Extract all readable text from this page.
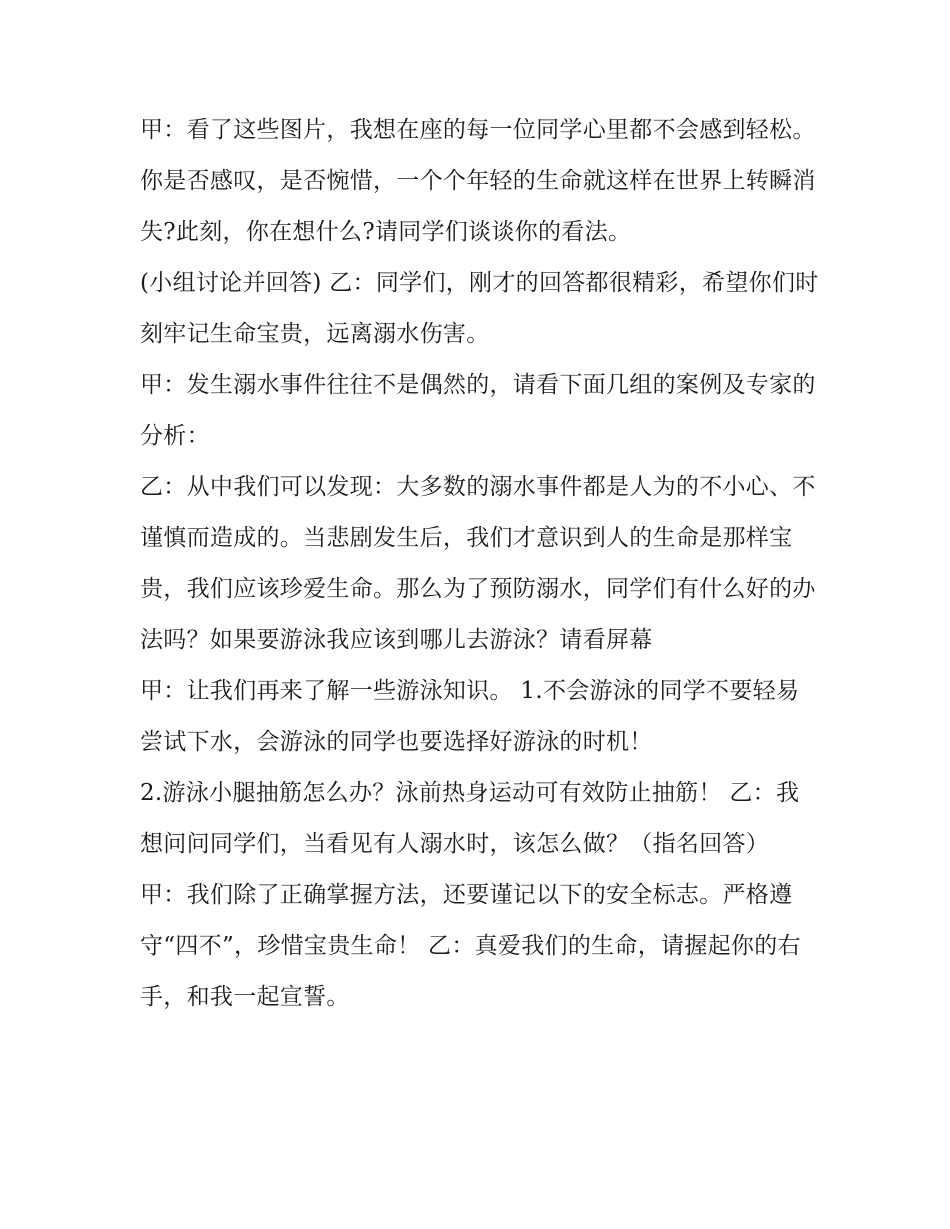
甲：看了这些图片，我想在座的每一位同学心里都不会感到轻松。你是否感叹，是否惋惜，一个个年轻的生命就这样在世界上转瞬消失?此刻，你在想什么?请同学们谈谈你的看法。

(小组讨论并回答) 乙：同学们，刚才的回答都很精彩，希望你们时刻牢记生命宝贵，远离溺水伤害。

甲：发生溺水事件往往不是偶然的，请看下面几组的案例及专家的分析：

乙：从中我们可以发现：大多数的溺水事件都是人为的不小心、不谨慎而造成的。当悲剧发生后，我们才意识到人的生命是那样宝贵，我们应该珍爱生命。那么为了预防溺水，同学们有什么好的办法吗？如果要游泳我应该到哪儿去游泳？请看屏幕

甲：让我们再来了解一些游泳知识。 1.不会游泳的同学不要轻易尝试下水，会游泳的同学也要选择好游泳的时机！

2.游泳小腿抽筋怎么办？泳前热身运动可有效防止抽筋！ 乙：我想问问同学们，当看见有人溺水时，该怎么做？（指名回答）

甲：我们除了正确掌握方法，还要谨记以下的安全标志。严格遵守“四不”，珍惜宝贵生命！ 乙：真爱我们的生命，请握起你的右手，和我一起宣誓。
